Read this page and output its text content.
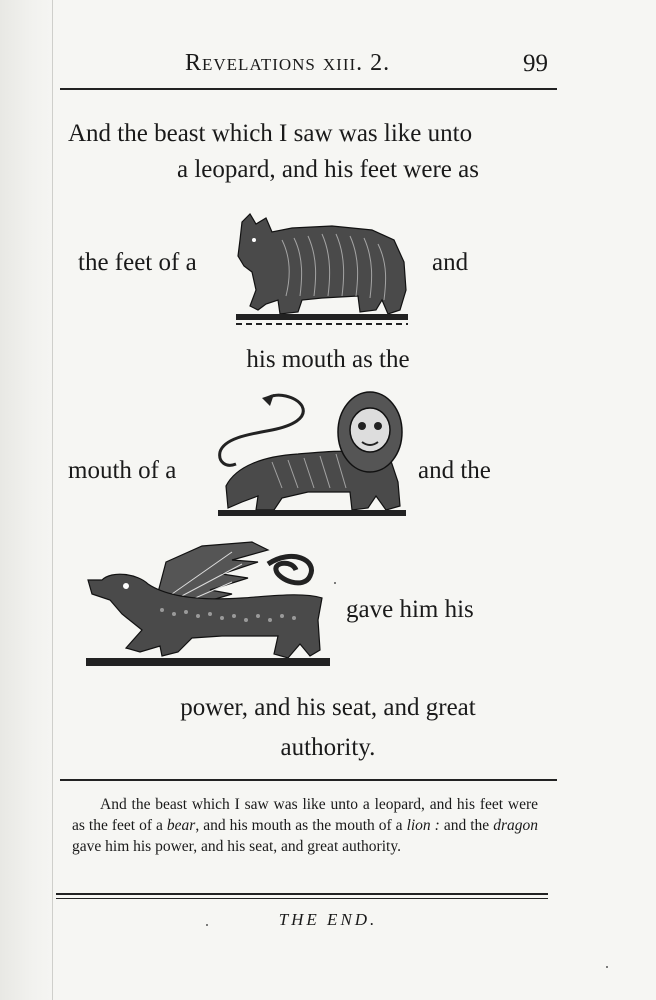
Revelations xiii. 2.	99
And the beast which I saw was like unto
a leopard, and his feet were as
the feet of a	and
his mouth as the
mouth of a	and the
gave him his
power, and his seat, and great
authority.
And the beast which I saw was like unto a leopard, and his feet were as the feet of a bear, and his mouth as the mouth of a lion : and the dragon gave him his power, and his seat, and great authority.
THE END.
